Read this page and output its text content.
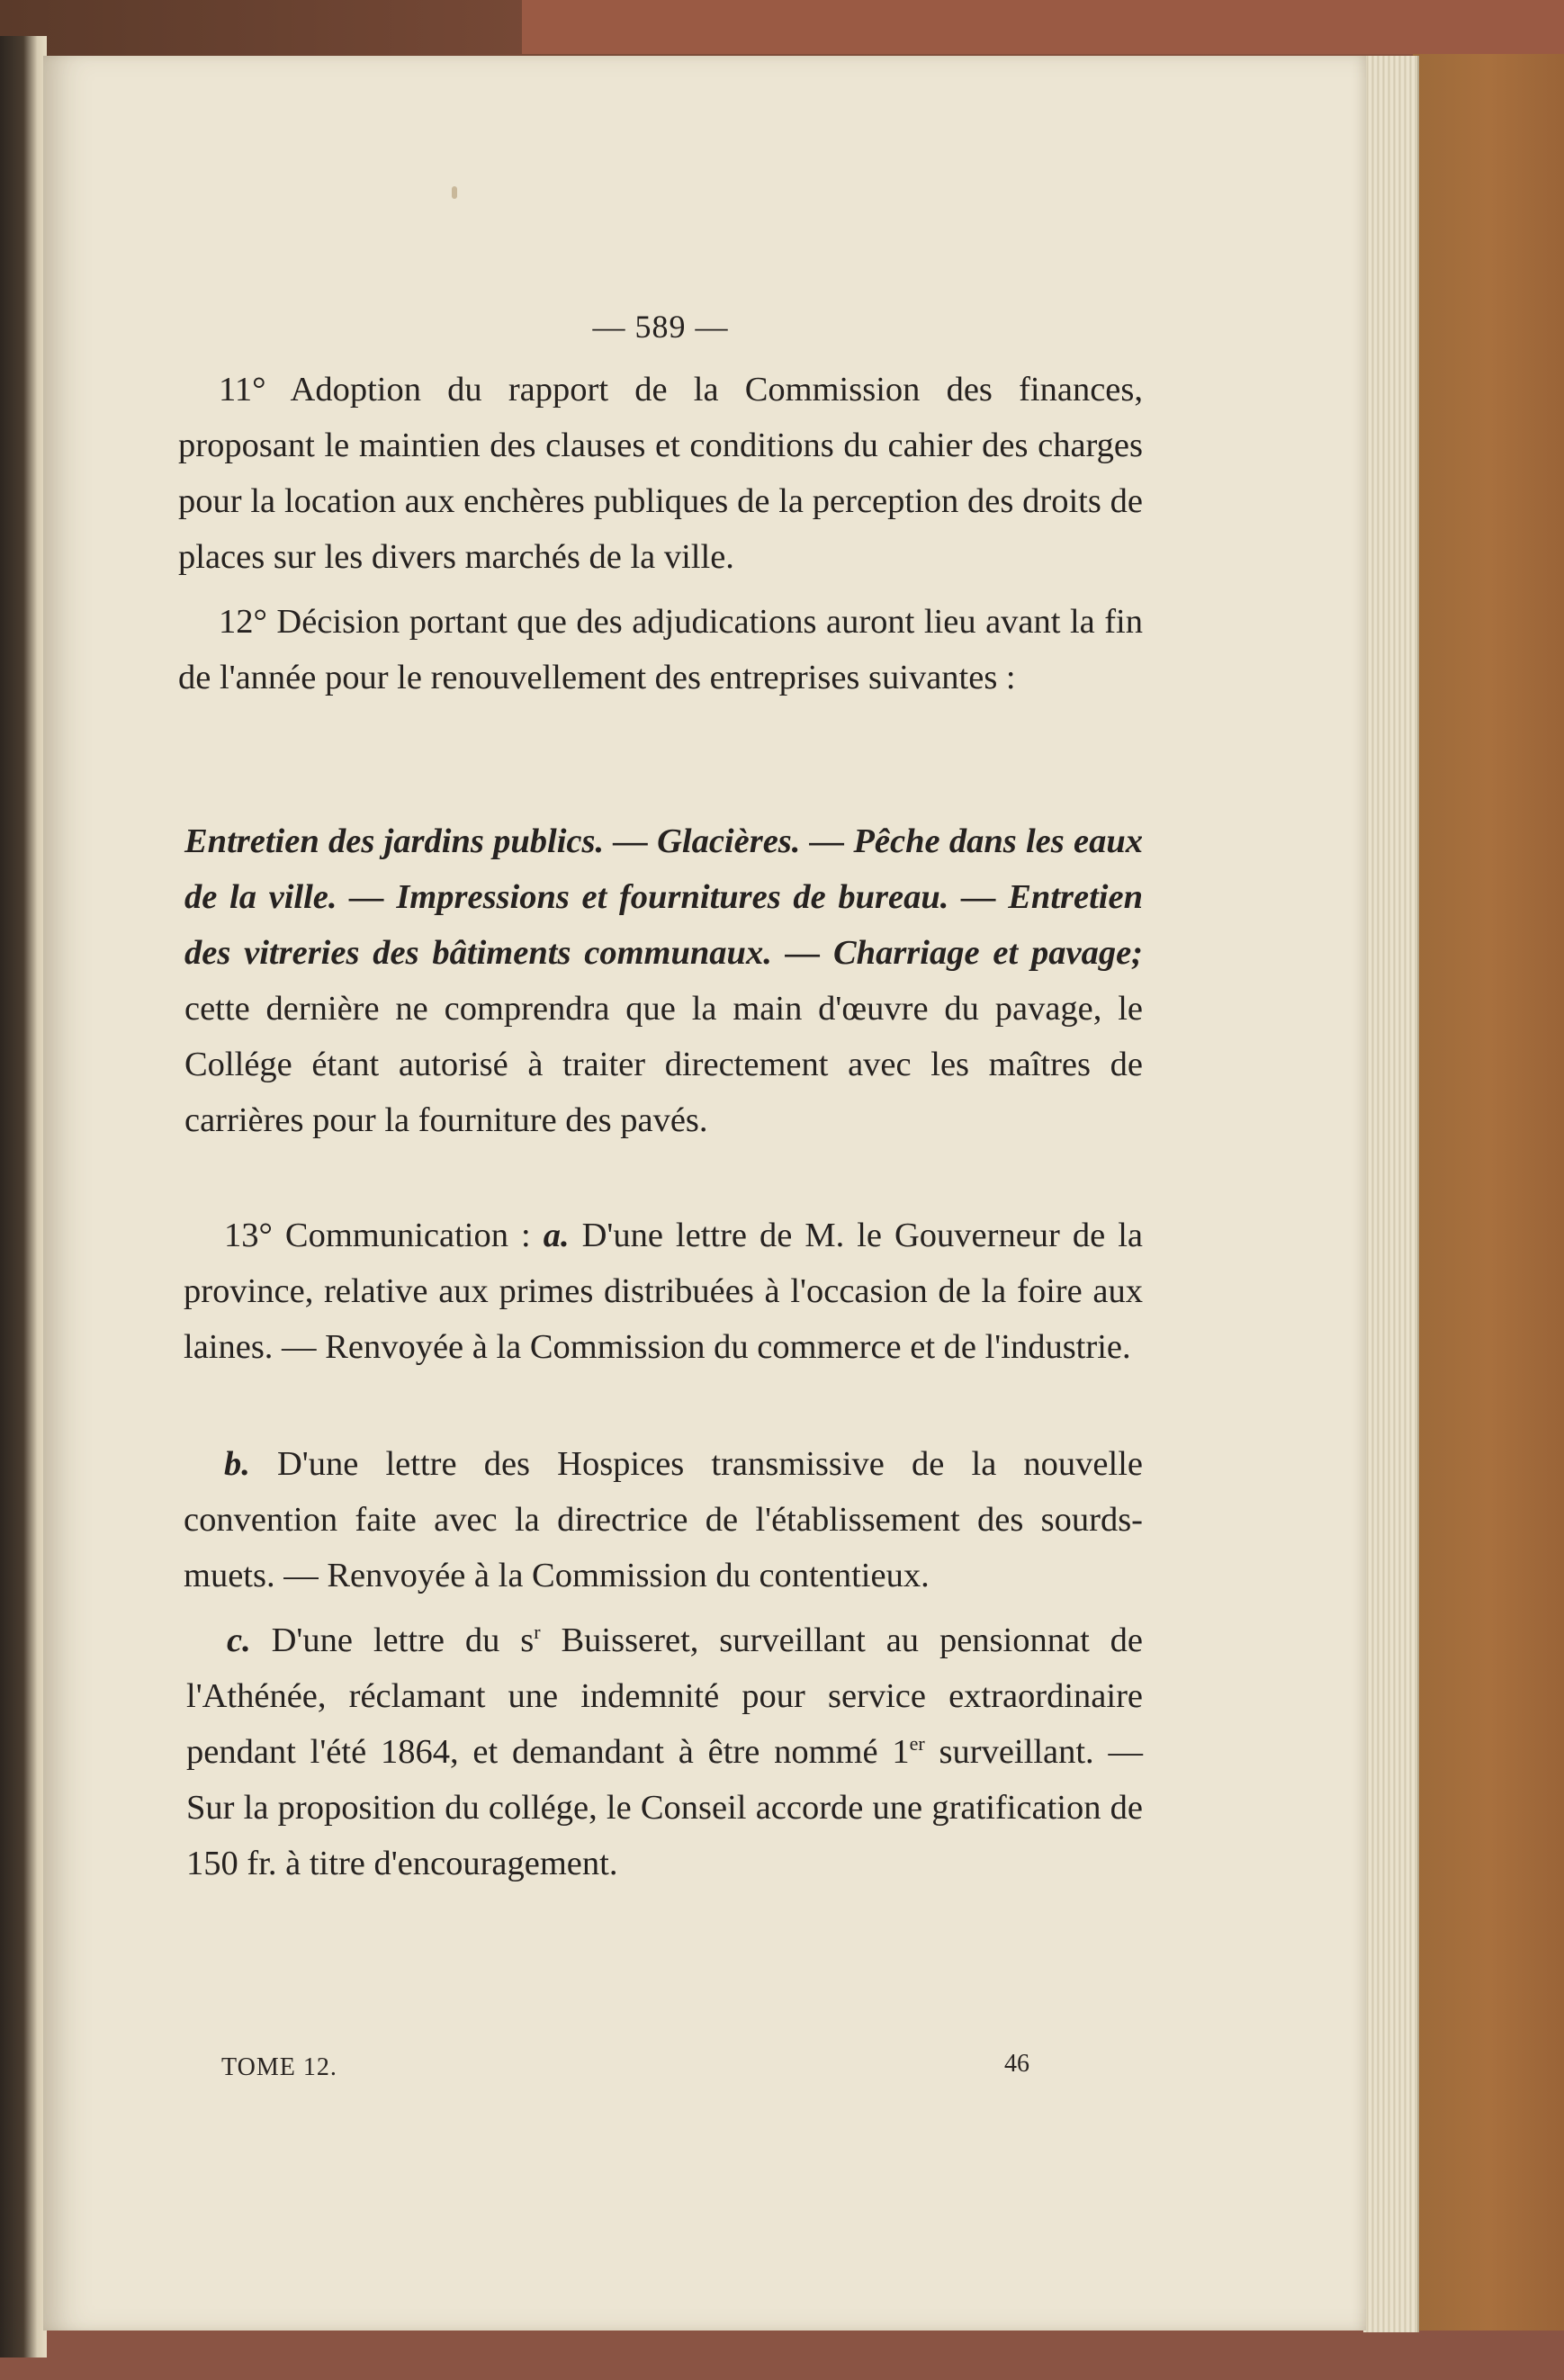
— 589 —
11° Adoption du rapport de la Commission des finances, proposant le maintien des clauses et conditions du cahier des charges pour la location aux enchères publiques de la perception des droits de places sur les divers marchés de la ville.
12° Décision portant que des adjudications auront lieu avant la fin de l'année pour le renouvellement des entreprises suivantes :
Entretien des jardins publics. — Glacières. — Pêche dans les eaux de la ville. — Impressions et fournitures de bureau. — Entretien des vitreries des bâtiments communaux. — Charriage et pavage; cette dernière ne comprendra que la main d'œuvre du pavage, le Collége étant autorisé à traiter directement avec les maîtres de carrières pour la fourniture des pavés.
13° Communication : a. D'une lettre de M. le Gouverneur de la province, relative aux primes distribuées à l'occasion de la foire aux laines. — Renvoyée à la Commission du commerce et de l'industrie.
b. D'une lettre des Hospices transmissive de la nouvelle convention faite avec la directrice de l'établissement des sourds-muets. — Renvoyée à la Commission du contentieux.
c. D'une lettre du $s^r$ Buisseret, surveillant au pensionnat de l'Athénée, réclamant une indemnité pour service extraordinaire pendant l'été 1864, et demandant à être nommé 1er surveillant. — Sur la proposition du collége, le Conseil accorde une gratification de 150 fr. à titre d'encouragement.
TOME 12.	46
